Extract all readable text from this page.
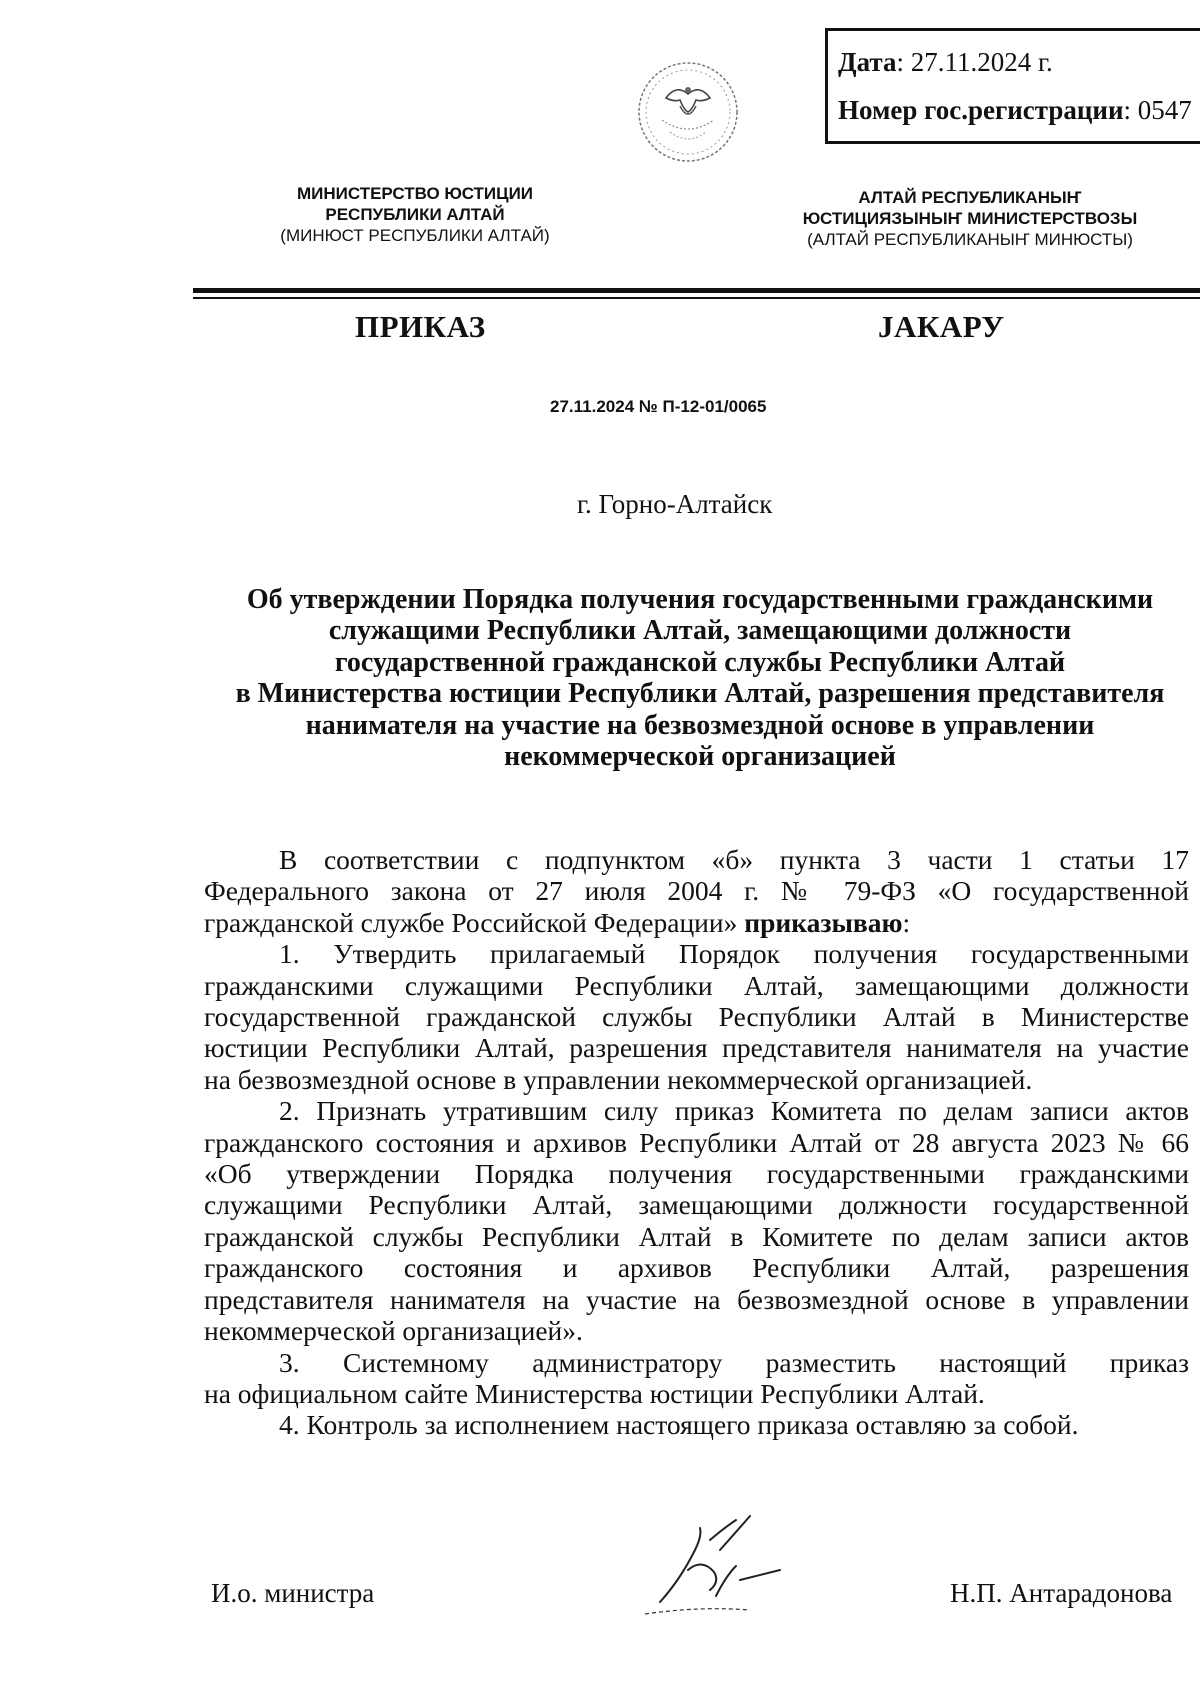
Дата: 27.11.2024 г.
Номер гос.регистрации: 0547
МИНИСТЕРСТВО ЮСТИЦИИ
РЕСПУБЛИКИ АЛТАЙ
(МИНЮСТ РЕСПУБЛИКИ АЛТАЙ)
АЛТАЙ РЕСПУБЛИКАНЫҤ
ЮСТИЦИЯЗЫНЫҤ МИНИСТЕРСТВОЗЫ
(АЛТАЙ РЕСПУБЛИКАНЫҤ МИНЮСТЫ)
ПРИКАЗ	ЈАКАРУ
27.11.2024 № П-12-01/0065
г. Горно-Алтайск
Об утверждении Порядка получения государственными гражданскими
служащими Республики Алтай, замещающими должности
государственной гражданской службы Республики Алтай
в Министерства юстиции Республики Алтай, разрешения представителя
нанимателя на участие на безвозмездной основе в управлении
некоммерческой организацией
В соответствии с подпунктом «б» пункта 3 части 1 статьи 17
Федерального закона от 27 июля 2004 г. № 79-ФЗ «О государственной
гражданской службе Российской Федерации» приказываю:
1. Утвердить прилагаемый Порядок получения государственными
гражданскими служащими Республики Алтай, замещающими должности
государственной гражданской службы Республики Алтай в Министерстве
юстиции Республики Алтай, разрешения представителя нанимателя на участие
на безвозмездной основе в управлении некоммерческой организацией.
2. Признать утратившим силу приказ Комитета по делам записи актов
гражданского состояния и архивов Республики Алтай от 28 августа 2023 № 66
«Об утверждении Порядка получения государственными гражданскими
служащими Республики Алтай, замещающими должности государственной
гражданской службы Республики Алтай в Комитете по делам записи актов
гражданского состояния и архивов Республики Алтай, разрешения
представителя нанимателя на участие на безвозмездной основе в управлении
некоммерческой организацией».
3. Системному администратору разместить настоящий приказ
на официальном сайте Министерства юстиции Республики Алтай.
4. Контроль за исполнением настоящего приказа оставляю за собой.
И.о. министра	Н.П. Антарадонова
